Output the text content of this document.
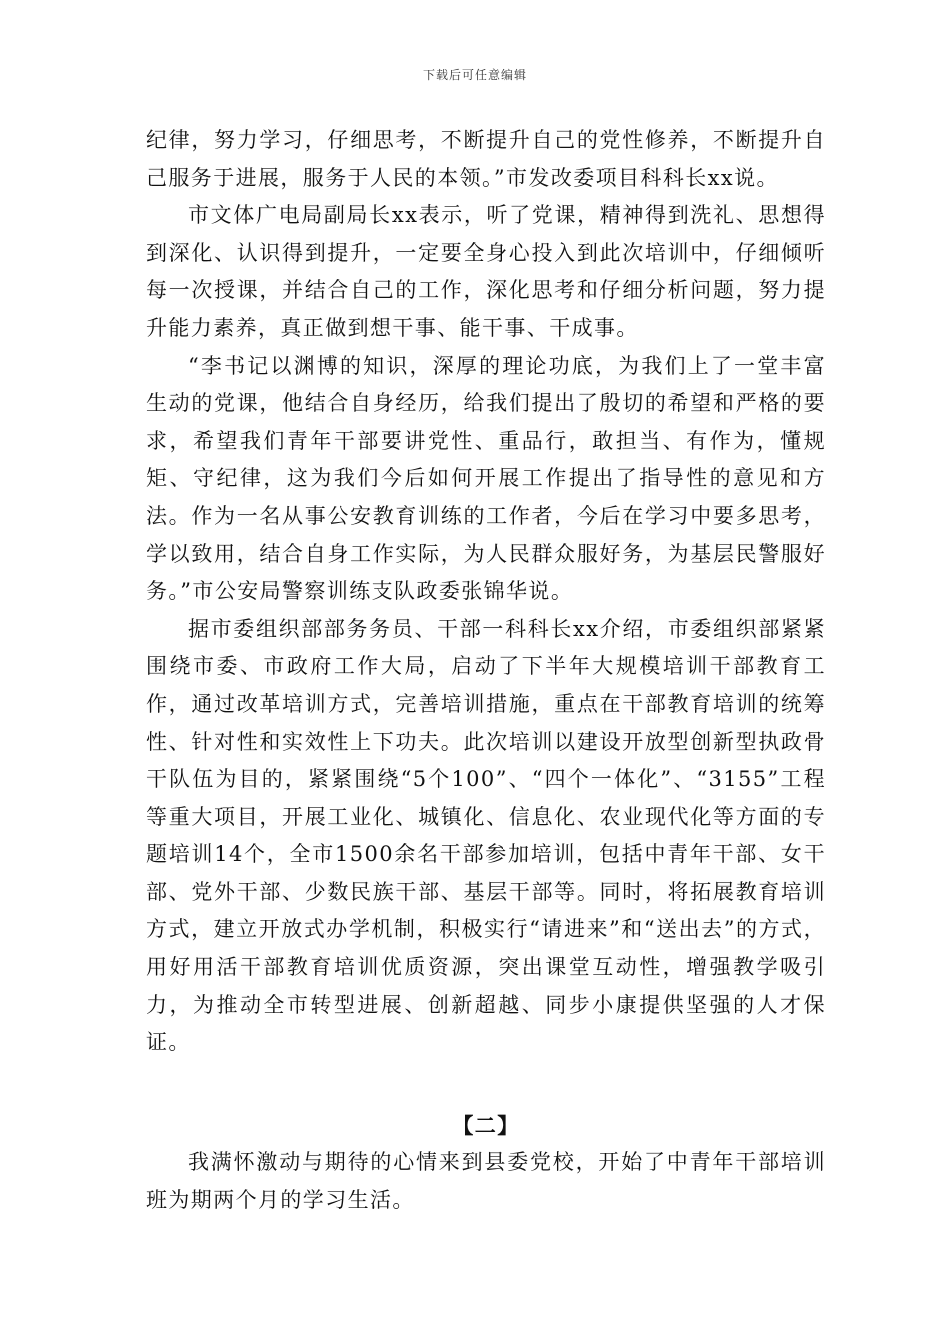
下载后可任意编辑

纪律，努力学习，仔细思考，不断提升自己的党性修养，不断提升自己服务于进展，服务于人民的本领。”市发改委项目科科长xx说。

市文体广电局副局长xx表示，听了党课，精神得到洗礼、思想得到深化、认识得到提升，一定要全身心投入到此次培训中，仔细倾听每一次授课，并结合自己的工作，深化思考和仔细分析问题，努力提升能力素养，真正做到想干事、能干事、干成事。

“李书记以渊博的知识，深厚的理论功底，为我们上了一堂丰富生动的党课，他结合自身经历，给我们提出了殷切的希望和严格的要求，希望我们青年干部要讲党性、重品行，敢担当、有作为，懂规矩、守纪律，这为我们今后如何开展工作提出了指导性的意见和方法。作为一名从事公安教育训练的工作者，今后在学习中要多思考，学以致用，结合自身工作实际，为人民群众服好务，为基层民警服好务。”市公安局警察训练支队政委张锦华说。

据市委组织部部务务员、干部一科科长xx介绍，市委组织部紧紧围绕市委、市政府工作大局，启动了下半年大规模培训干部教育工作，通过改革培训方式，完善培训措施，重点在干部教育培训的统筹性、针对性和实效性上下功夫。此次培训以建设开放型创新型执政骨干队伍为目的，紧紧围绕“5个100”、“四个一体化”、“3155”工程等重大项目，开展工业化、城镇化、信息化、农业现代化等方面的专题培训14个，全市1500余名干部参加培训，包括中青年干部、女干部、党外干部、少数民族干部、基层干部等。同时，将拓展教育培训方式，建立开放式办学机制，积极实行“请进来”和“送出去”的方式，用好用活干部教育培训优质资源，突出课堂互动性，增强教学吸引力，为推动全市转型进展、创新超越、同步小康提供坚强的人才保证。

【二】

我满怀激动与期待的心情来到县委党校，开始了中青年干部培训班为期两个月的学习生活。
